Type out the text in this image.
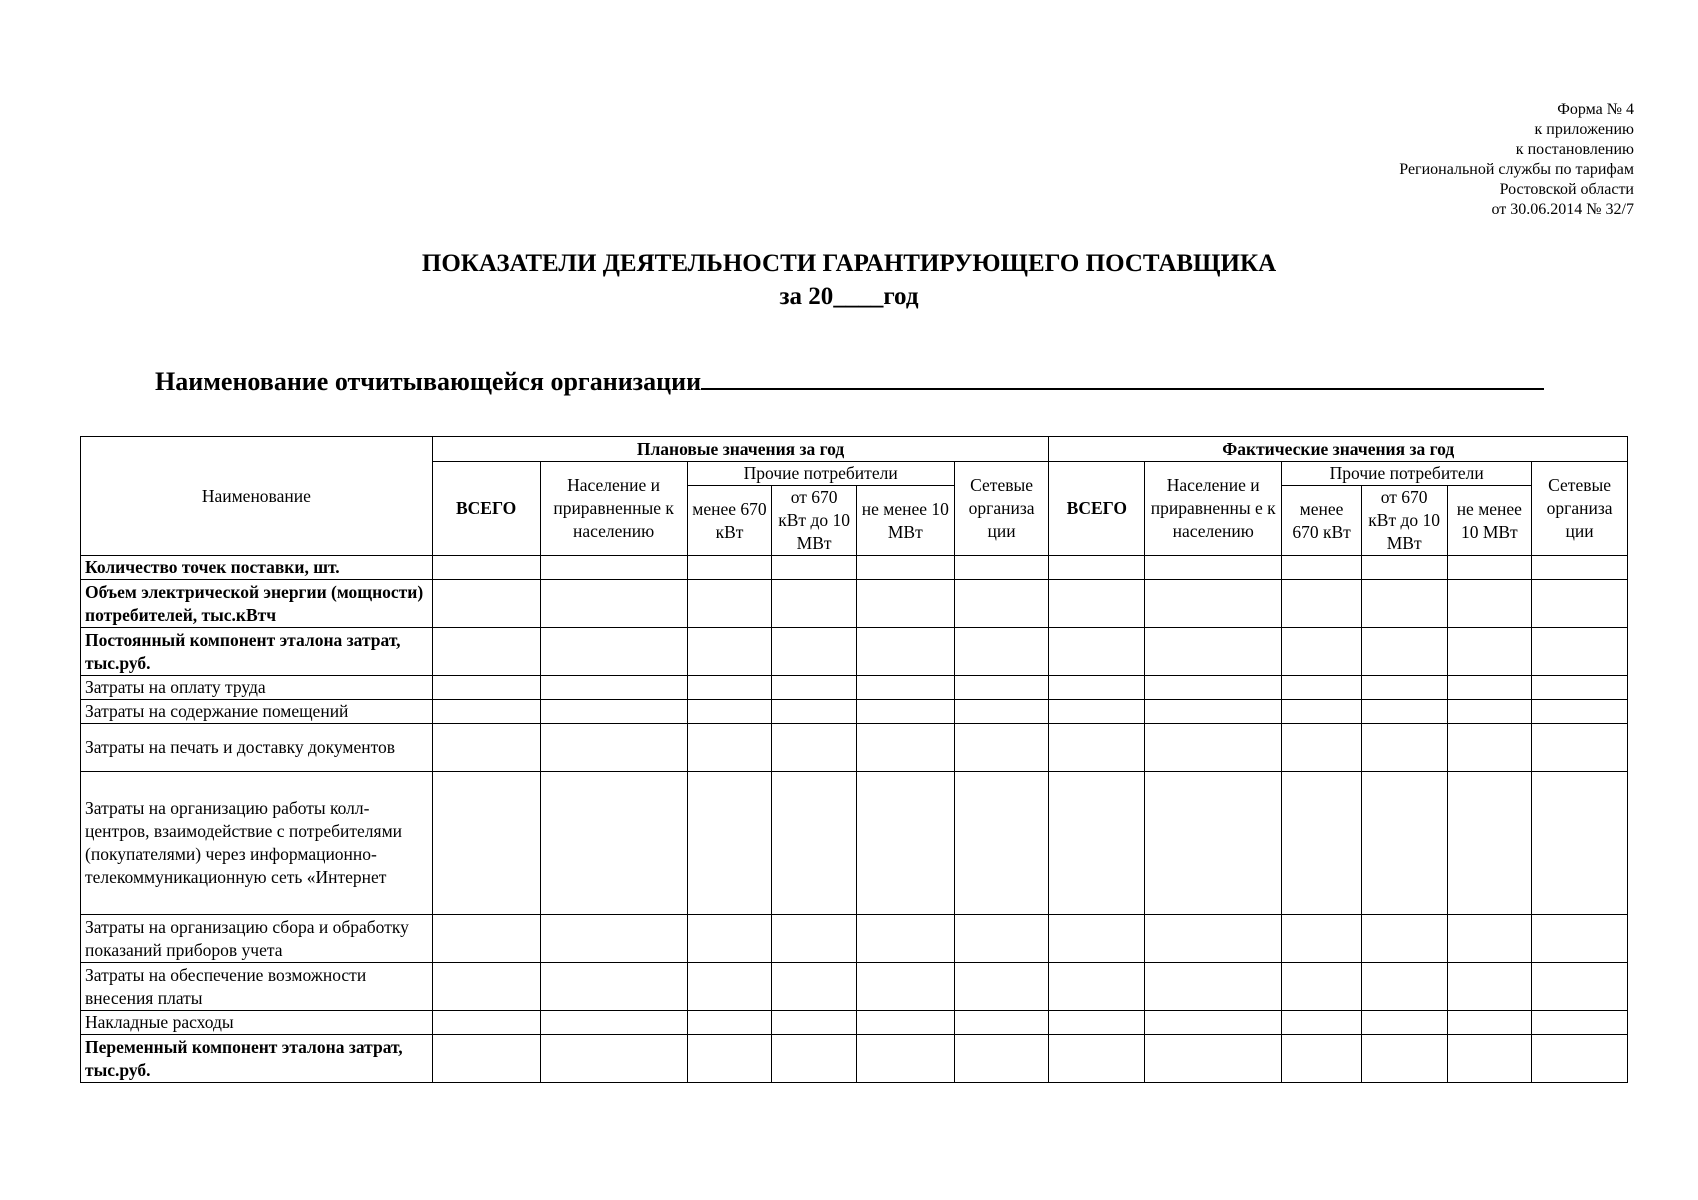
Форма № 4
к приложению
к постановлению
Региональной службы по тарифам
Ростовской области
от 30.06.2014 № 32/7
ПОКАЗАТЕЛИ ДЕЯТЕЛЬНОСТИ ГАРАНТИРУЮЩЕГО ПОСТАВЩИКА
за 20____год
Наименование отчитывающейся организации
Наименование	Плановые значения за год						Фактические значения за год					
	ВСЕГО	Население и приравненные к населению	Прочие потребители			Сетевые организа ции	ВСЕГО	Население и приравненны е к населению	Прочие потребители			Сетевые организа ции
			менее 670 кВт	от 670 кВт до 10 МВт	не менее 10 МВт				менее 670 кВт	от 670 кВт до 10 МВт	не менее 10 МВт	
Количество точек поставки, шт.												
Объем электрической энергии (мощности) потребителей, тыс.кВтч												
Постоянный компонент эталона затрат, тыс.руб.												
Затраты на оплату труда												
Затраты на содержание помещений												
Затраты на печать и доставку документов												
Затраты на организацию работы колл-центров, взаимодействие с потребителями (покупателями) через информационно-телекоммуникационную сеть «Интернет												
Затраты на организацию сбора и обработку показаний приборов учета												
Затраты на обеспечение возможности внесения платы												
Накладные расходы												
Переменный компонент эталона затрат, тыс.руб.												
